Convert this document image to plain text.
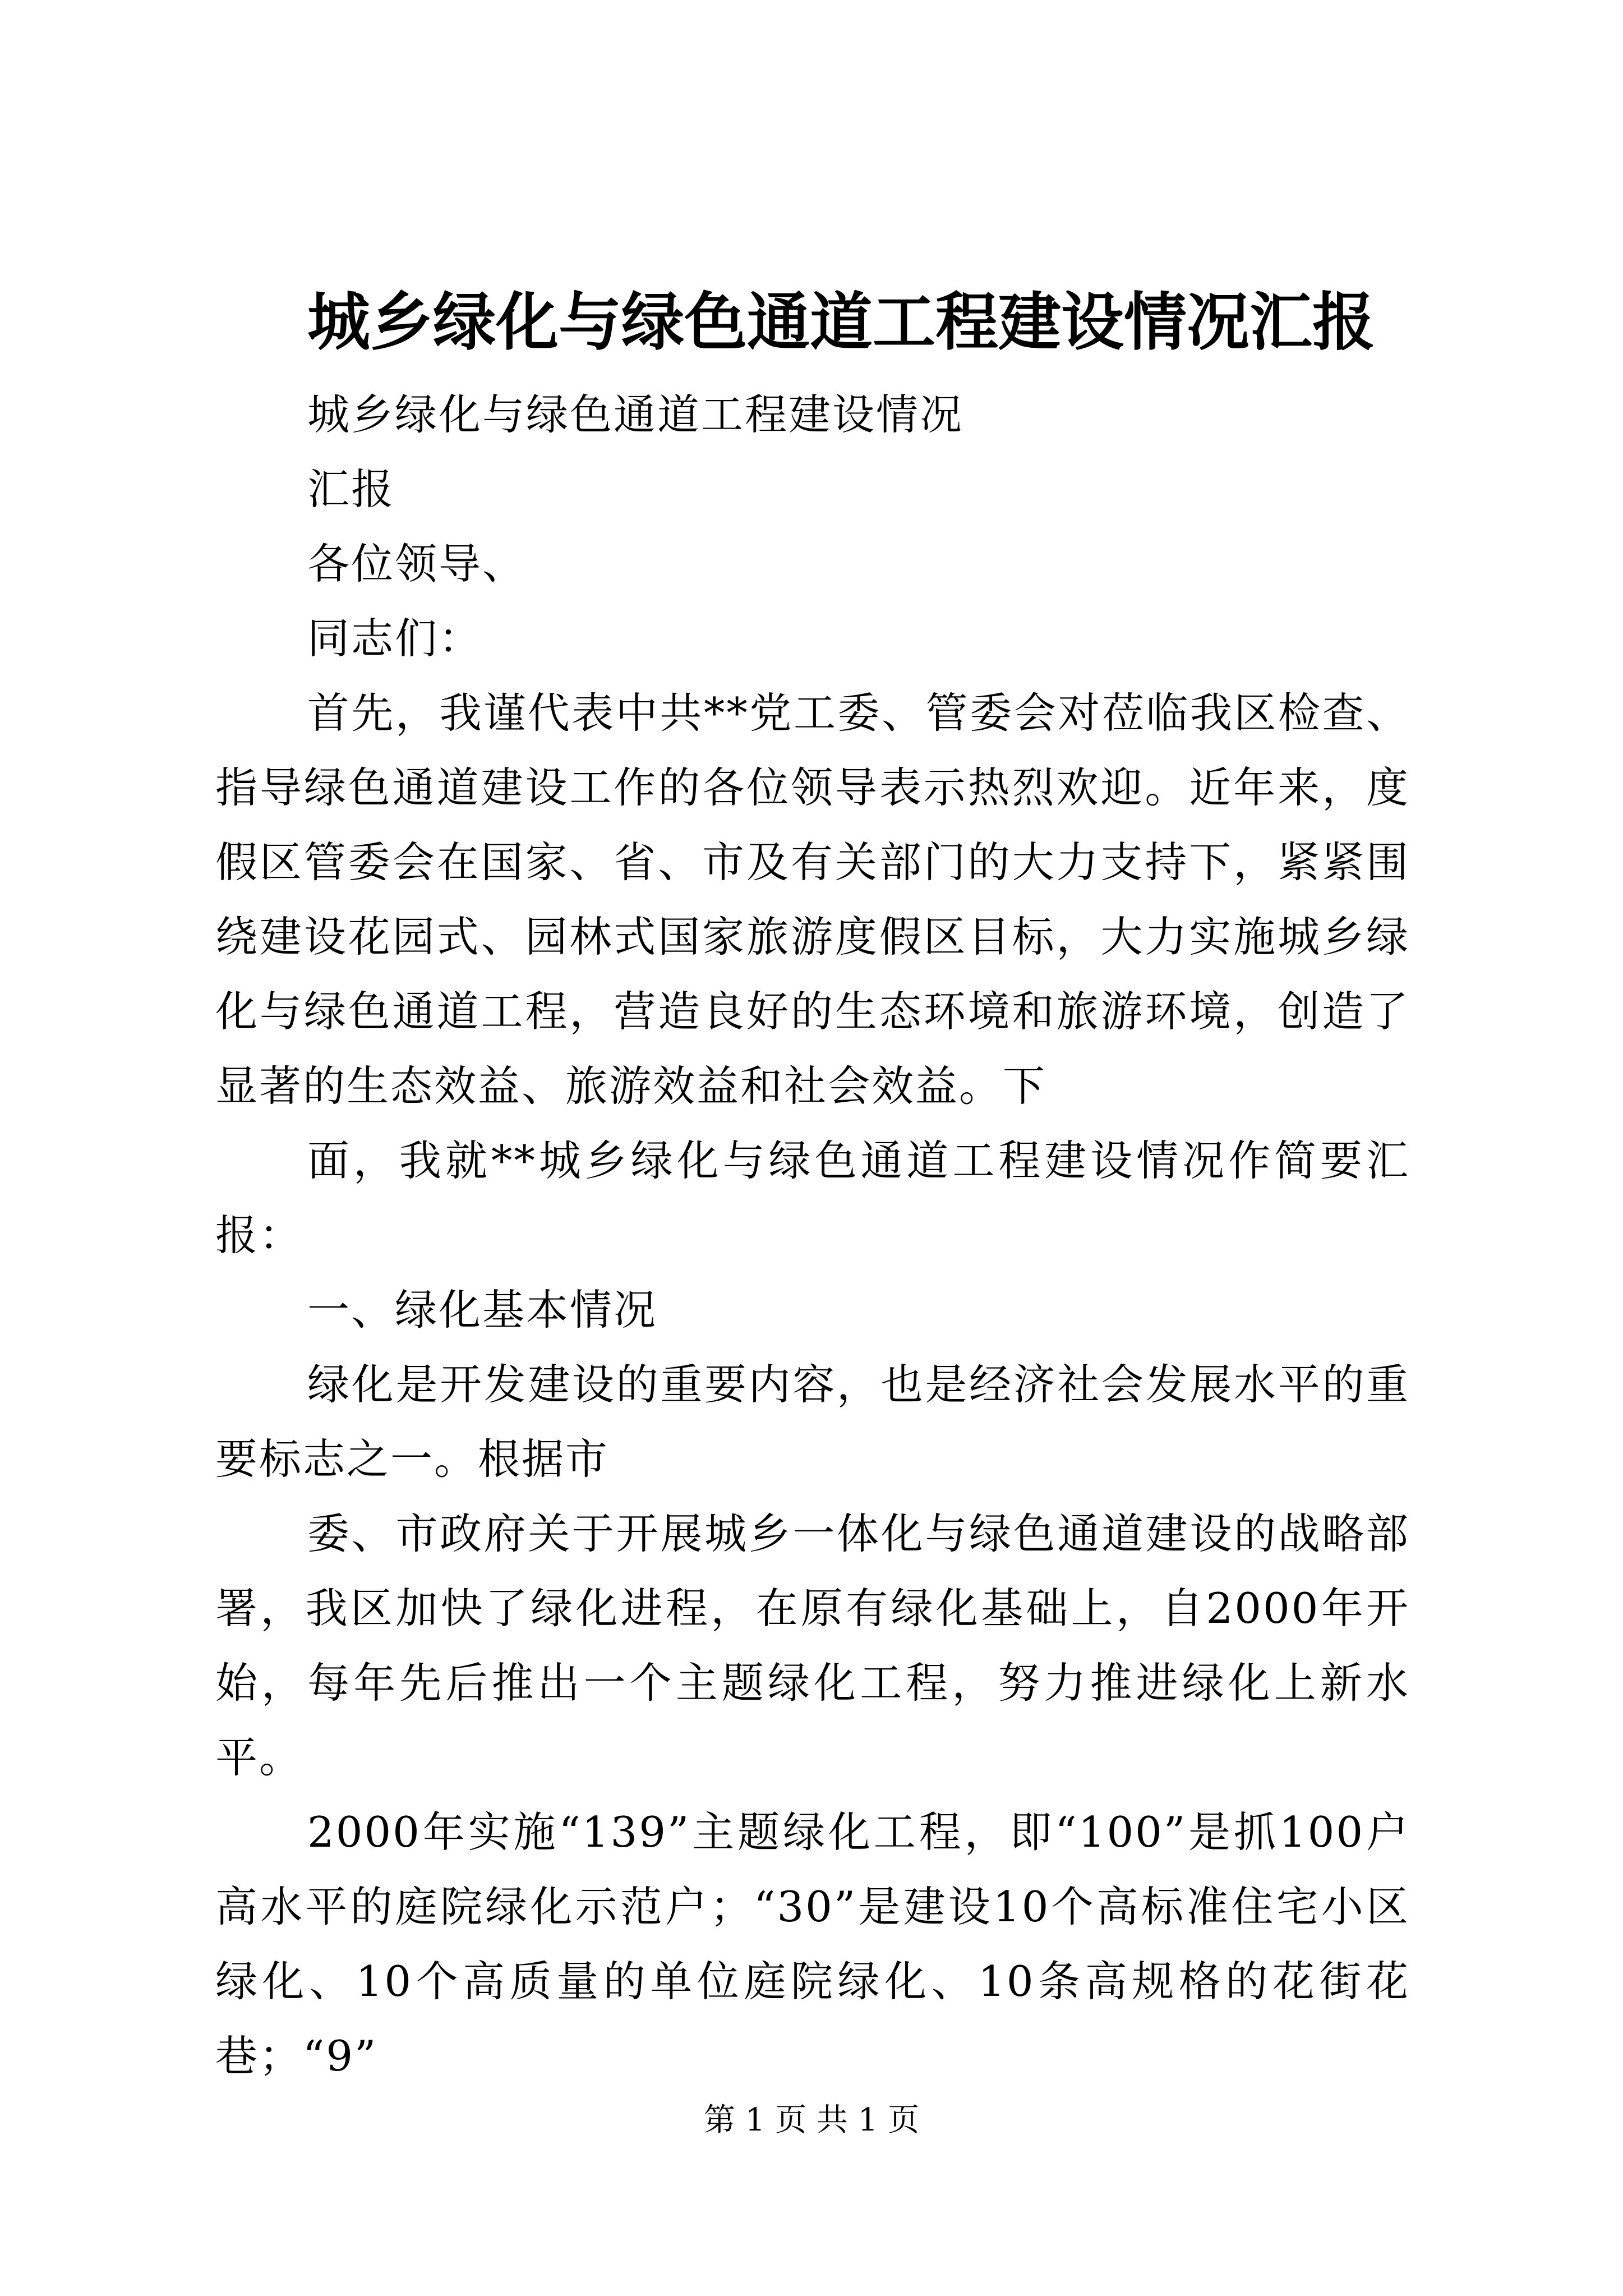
城乡绿化与绿色通道工程建设情况汇报

城乡绿化与绿色通道工程建设情况

汇报

各位领导、

同志们：

首先，我谨代表中共**党工委、管委会对莅临我区检查、指导绿色通道建设工作的各位领导表示热烈欢迎。近年来，度假区管委会在国家、省、市及有关部门的大力支持下，紧紧围绕建设花园式、园林式国家旅游度假区目标，大力实施城乡绿化与绿色通道工程，营造良好的生态环境和旅游环境，创造了显著的生态效益、旅游效益和社会效益。下

面，我就**城乡绿化与绿色通道工程建设情况作简要汇报：

一、绿化基本情况

绿化是开发建设的重要内容，也是经济社会发展水平的重要标志之一。根据市

委、市政府关于开展城乡一体化与绿色通道建设的战略部署，我区加快了绿化进程，在原有绿化基础上，自2000年开始，每年先后推出一个主题绿化工程，努力推进绿化上新水平。

2000年实施“139”主题绿化工程，即“100”是抓100户高水平的庭院绿化示范户；“30”是建设10个高标准住宅小区绿化、10个高质量的单位庭院绿化、10条高规格的花街花巷；“9”

第 1 页 共 1 页
